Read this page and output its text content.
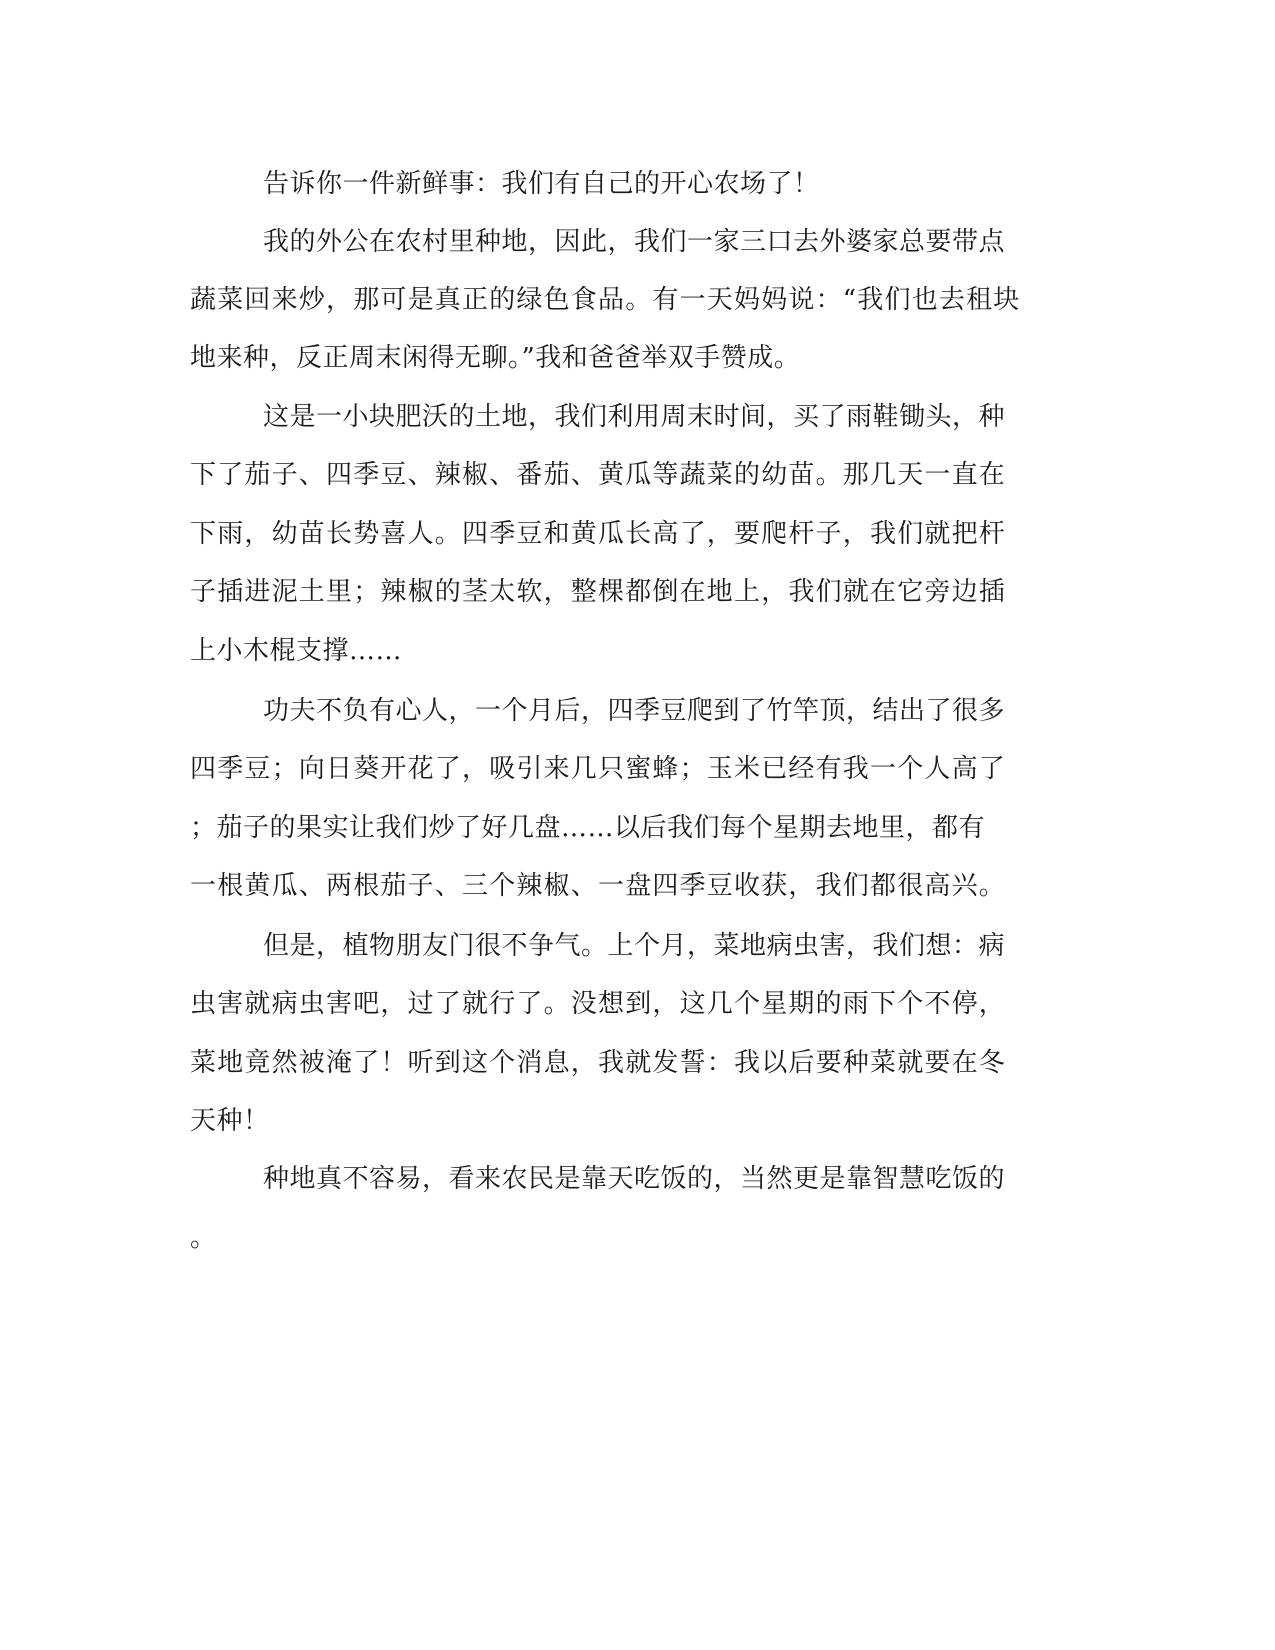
告诉你一件新鲜事：我们有自己的开心农场了！

我的外公在农村里种地，因此，我们一家三口去外婆家总要带点

蔬菜回来炒，那可是真正的绿色食品。有一天妈妈说：“我们也去租块

地来种，反正周末闲得无聊。”我和爸爸举双手赞成。

这是一小块肥沃的土地，我们利用周末时间，买了雨鞋锄头，种

下了茄子、四季豆、辣椒、番茄、黄瓜等蔬菜的幼苗。那几天一直在

下雨，幼苗长势喜人。四季豆和黄瓜长高了，要爬杆子，我们就把杆

子插进泥土里；辣椒的茎太软，整棵都倒在地上，我们就在它旁边插

上小木棍支撑……

功夫不负有心人，一个月后，四季豆爬到了竹竿顶，结出了很多

四季豆；向日葵开花了，吸引来几只蜜蜂；玉米已经有我一个人高了

；茄子的果实让我们炒了好几盘……以后我们每个星期去地里，都有

一根黄瓜、两根茄子、三个辣椒、一盘四季豆收获，我们都很高兴。

但是，植物朋友门很不争气。上个月，菜地病虫害，我们想：病

虫害就病虫害吧，过了就行了。没想到，这几个星期的雨下个不停，

菜地竟然被淹了！听到这个消息，我就发誓：我以后要种菜就要在冬

天种！

种地真不容易，看来农民是靠天吃饭的，当然更是靠智慧吃饭的

。
